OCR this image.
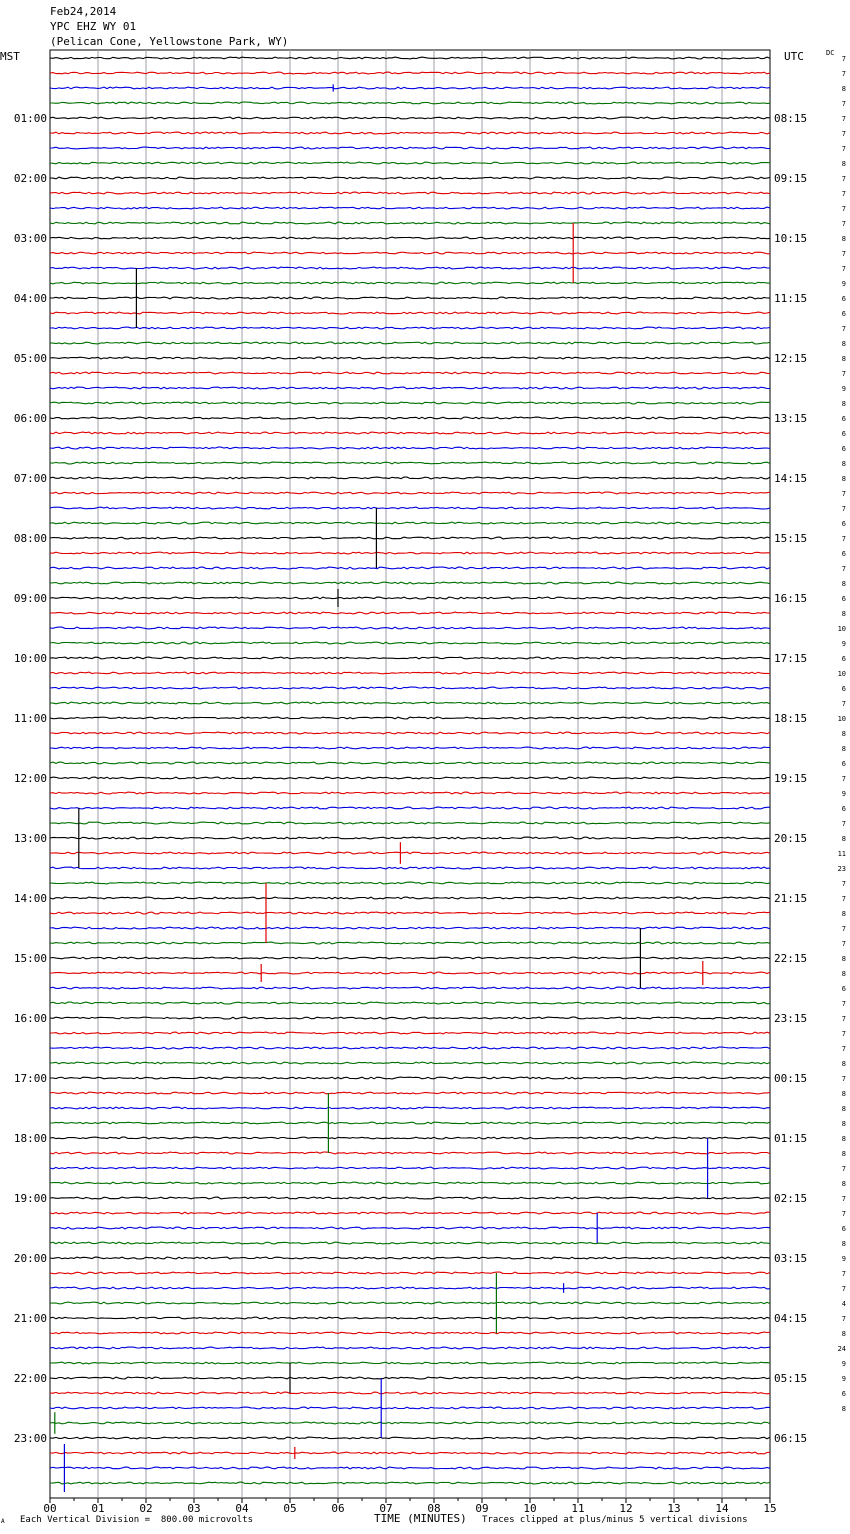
Feb24,2014
YPC EHZ WY 01
(Pelican Cone, Yellowstone Park, WY)
MST	UTC	DC
01:00
02:00
03:00
04:00
05:00
06:00
07:00
08:00
09:00
10:00
11:00
12:00
13:00
14:00
15:00
16:00
17:00
18:00
19:00
20:00
21:00
22:00
23:00
08:15
09:15
10:15
11:15
12:15
13:15
14:15
15:15
16:15
17:15
18:15
19:15
20:15
21:15
22:15
23:15
00:15
01:15
02:15
03:15
04:15
05:15
06:15
7
7
8
7
7
7
7
8
7
7
7
7
8
7
7
9
6
6
7
8
8
7
9
8
6
6
6
8
8
7
7
6
7
6
7
8
6
8
10
9
6
10
6
7
10
8
8
6
7
9
6
7
8
11
23
7
7
8
7
7
8
8
6
7
7
7
7
8
7
8
8
8
8
8
7
8
7
7
6
8
9
7
7
4
7
8
24
9
9
6
8
00	01	02	03	04	05	06	07	08	09	10	11	12	13	14	15
A Each Vertical Division =  800.00 microvolts	TIME (MINUTES) Traces clipped at plus/minus 5 vertical divisions
